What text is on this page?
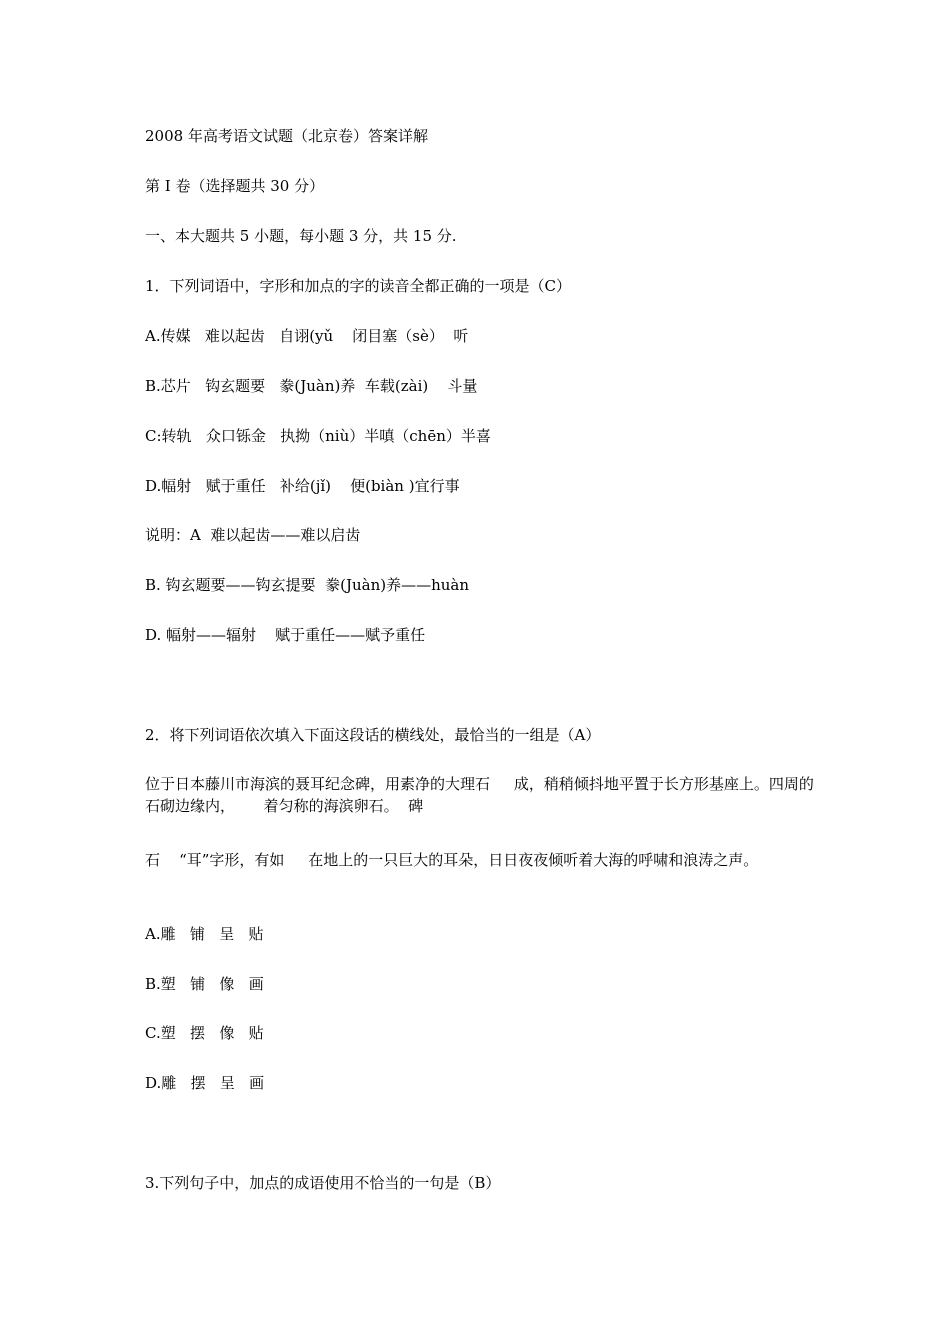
2008 年高考语文试题（北京卷）答案详解
第 I 卷（选择题共 30 分）
一、本大题共 5 小题，每小题 3 分，共 15 分.
1．下列词语中，字形和加点的字的读音全都正确的一项是（C）
A.传媒   难以起齿   自诩(yǔ    闭目塞（sè）  听
B.芯片   钩玄题要   豢(Juàn)养  车载(zài)    斗量
C:转轨   众口铄金   执拗（niù）半嗔（chēn）半喜
D.幅射   赋于重任   补给(jǐ)    便(biàn )宜行事
说明：A  难以起齿——难以启齿
B. 钩玄题要——钩玄提要  豢(Juàn)养——huàn
D. 幅射——辐射    赋于重任——赋予重任
2．将下列词语依次填入下面这段话的横线处，最恰当的一组是（A）
位于日本藤川市海滨的聂耳纪念碑，用素净的大理石     成，稍稍倾抖地平置于长方形基座上。四周的石砌边缘内，      着匀称的海滨卵石。  碑
石    “耳”字形，有如     在地上的一只巨大的耳朵，日日夜夜倾听着大海的呼啸和浪涛之声。
A.雕   铺   呈   贴
B.塑   铺   像   画
C.塑   摆   像   贴
D.雕   摆   呈   画
3.下列句子中，加点的成语使用不恰当的一句是（B）
